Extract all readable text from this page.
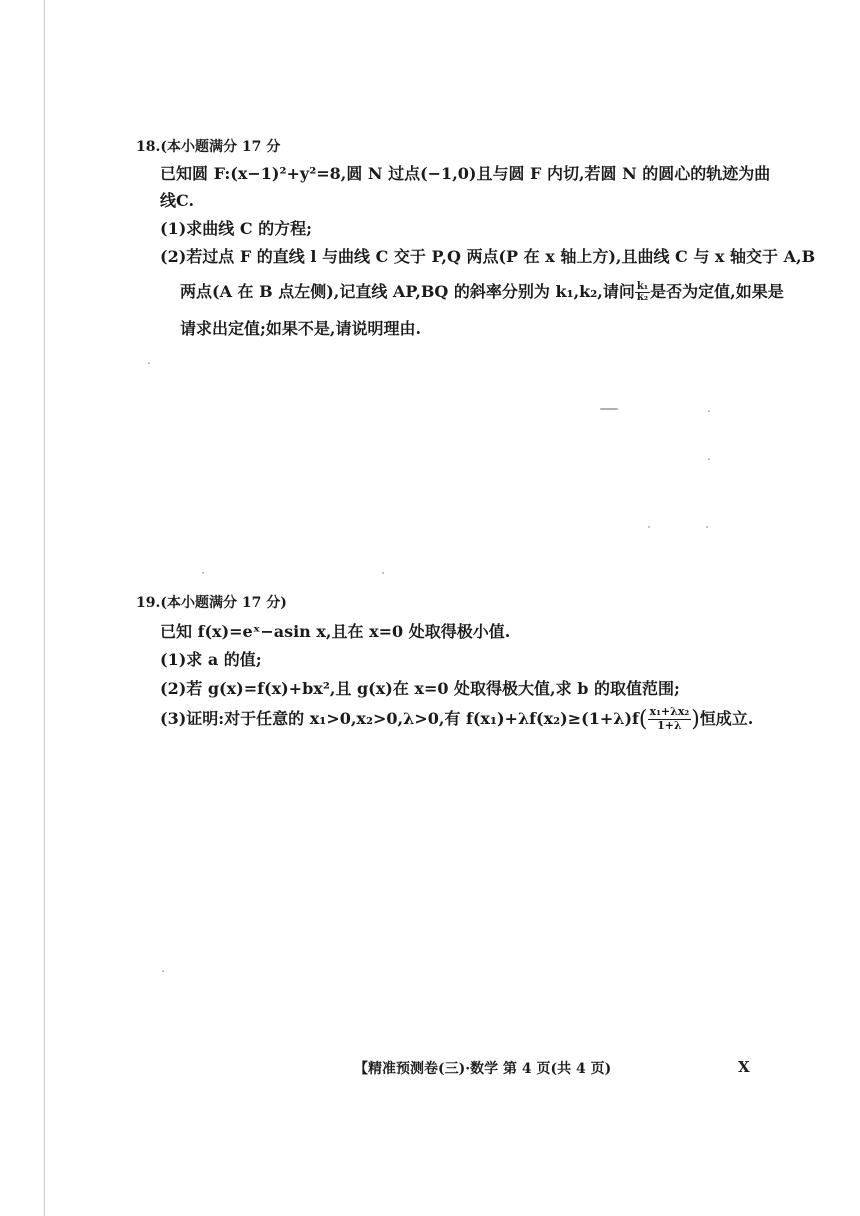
18.(本小题满分 17 分
已知圆 F:(x−1)²+y²=8,圆 N 过点(−1,0)且与圆 F 内切,若圆 N 的圆心的轨迹为曲
线C.
(1)求曲线 C 的方程;
(2)若过点 F 的直线 l 与曲线 C 交于 P,Q 两点(P 在 x 轴上方),且曲线 C 与 x 轴交于 A,B
两点(A 在 B 点左侧),记直线 AP,BQ 的斜率分别为 k₁,k₂,请问 $\frac{\text{k₁}}{\text{k₂}}$ 是否为定值,如果是
请求出定值;如果不是,请说明理由.
19.(本小题满分 17 分)
已知 f(x)=eˣ−asin x,且在 x=0 处取得极小值.
(1)求 a 的值;
(2)若 g(x)=f(x)+bx²,且 g(x)在 x=0 处取得极大值,求 b 的取值范围;
(3)证明:对于任意的 x₁>0,x₂>0,λ>0,有 $f(x_1)+\lambda f(x_2)\ge(1+\lambda)f( \frac{\text{x₁+λx₂}}{1+\lambda}$ )恒成立.
【精准预测卷(三)·数学 第 4 页(共 4 页)	X
